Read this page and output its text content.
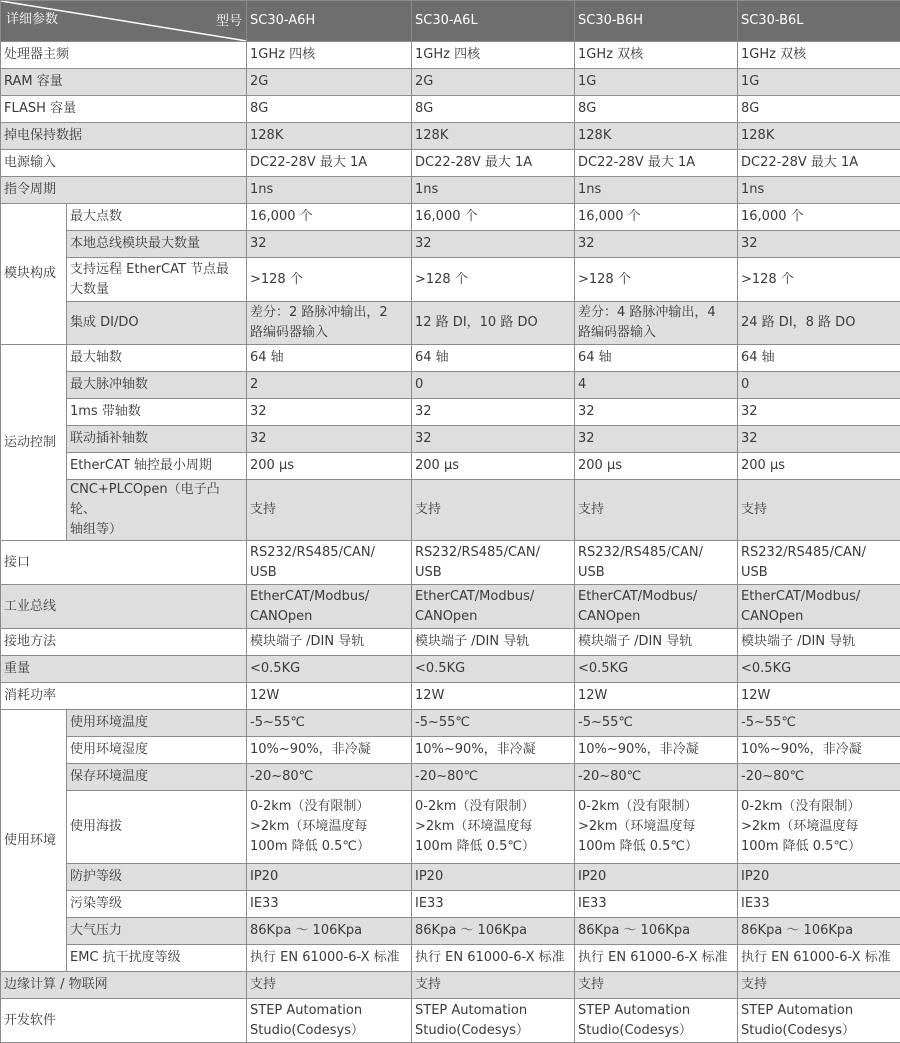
详细参数 型号		SC30-A6H	SC30-A6L	SC30-B6H	SC30-B6L
处理器主频		1GHz 四核	1GHz 四核	1GHz 双核	1GHz 双核
RAM 容量		2G	2G	1G	1G
FLASH 容量		8G	8G	8G	8G
掉电保持数据		128K	128K	128K	128K
电源输入		DC22-28V 最大 1A	DC22-28V 最大 1A	DC22-28V 最大 1A	DC22-28V 最大 1A
指令周期		1ns	1ns	1ns	1ns
模块构成	最大点数	16,000 个	16,000 个	16,000 个	16,000 个
	本地总线模块最大数量	32	32	32	32

	支持远程 EtherCAT 节点最
大数量	>128 个	>128 个	>128 个	>128 个
	集成 DI/DO	差分：2 路脉冲输出，2
路编码器输入	12 路 DI，10 路 DO	差分：4 路脉冲输出，4
路编码器输入	24 路 DI，8 路 DO
运动控制	最大轴数	64 轴	64 轴	64 轴	64 轴
	最大脉冲轴数	2	0	4	0
	1ms 带轴数	32	32	32	32
	联动插补轴数	32	32	32	32
	EtherCAT 轴控最小周期	200 μs	200 μs	200 μs	200 μs

	CNC+PLCOpen（电子凸轮、
轴组等）	支持	支持	支持	支持
接口		RS232/RS485/CAN/
USB	RS232/RS485/CAN/
USB	RS232/RS485/CAN/
USB	RS232/RS485/CAN/
USB

工业总线		EtherCAT/Modbus/
CANOpen	EtherCAT/Modbus/
CANOpen	EtherCAT/Modbus/
CANOpen	EtherCAT/Modbus/
CANOpen

接地方法		模块端子 /DIN 导轨	模块端子 /DIN 导轨	模块端子 /DIN 导轨	模块端子 /DIN 导轨
重量		<0.5KG	<0.5KG	<0.5KG	<0.5KG
消耗功率		12W	12W	12W	12W
使用环境	使用环境温度	-5~55℃	-5~55℃	-5~55℃	-5~55℃
	使用环境湿度	10%~90%，非冷凝	10%~90%，非冷凝	10%~90%，非冷凝	10%~90%，非冷凝
	保存环境温度	-20~80℃	-20~80℃	-20~80℃	-20~80℃
	使用海拔	0-2km（没有限制）
>2km（环境温度每
100m 降低 0.5℃）	0-2km（没有限制）
>2km（环境温度每
100m 降低 0.5℃）	0-2km（没有限制）
>2km（环境温度每
100m 降低 0.5℃）	0-2km（没有限制）
>2km（环境温度每
100m 降低 0.5℃）

	防护等级	IP20	IP20	IP20	IP20
	污染等级	IE33	IE33	IE33	IE33
	大气压力	86Kpa ～ 106Kpa	86Kpa ～ 106Kpa	86Kpa ～ 106Kpa	86Kpa ～ 106Kpa
	EMC 抗干扰度等级	执行 EN 61000-6-X 标准	执行 EN 61000-6-X 标准	执行 EN 61000-6-X 标准	执行 EN 61000-6-X 标准
边缘计算 / 物联网		支持	支持	支持	支持
开发软件		STEP Automation
Studio(Codesys）	STEP Automation
Studio(Codesys）	STEP Automation
Studio(Codesys）	STEP Automation
Studio(Codesys）
